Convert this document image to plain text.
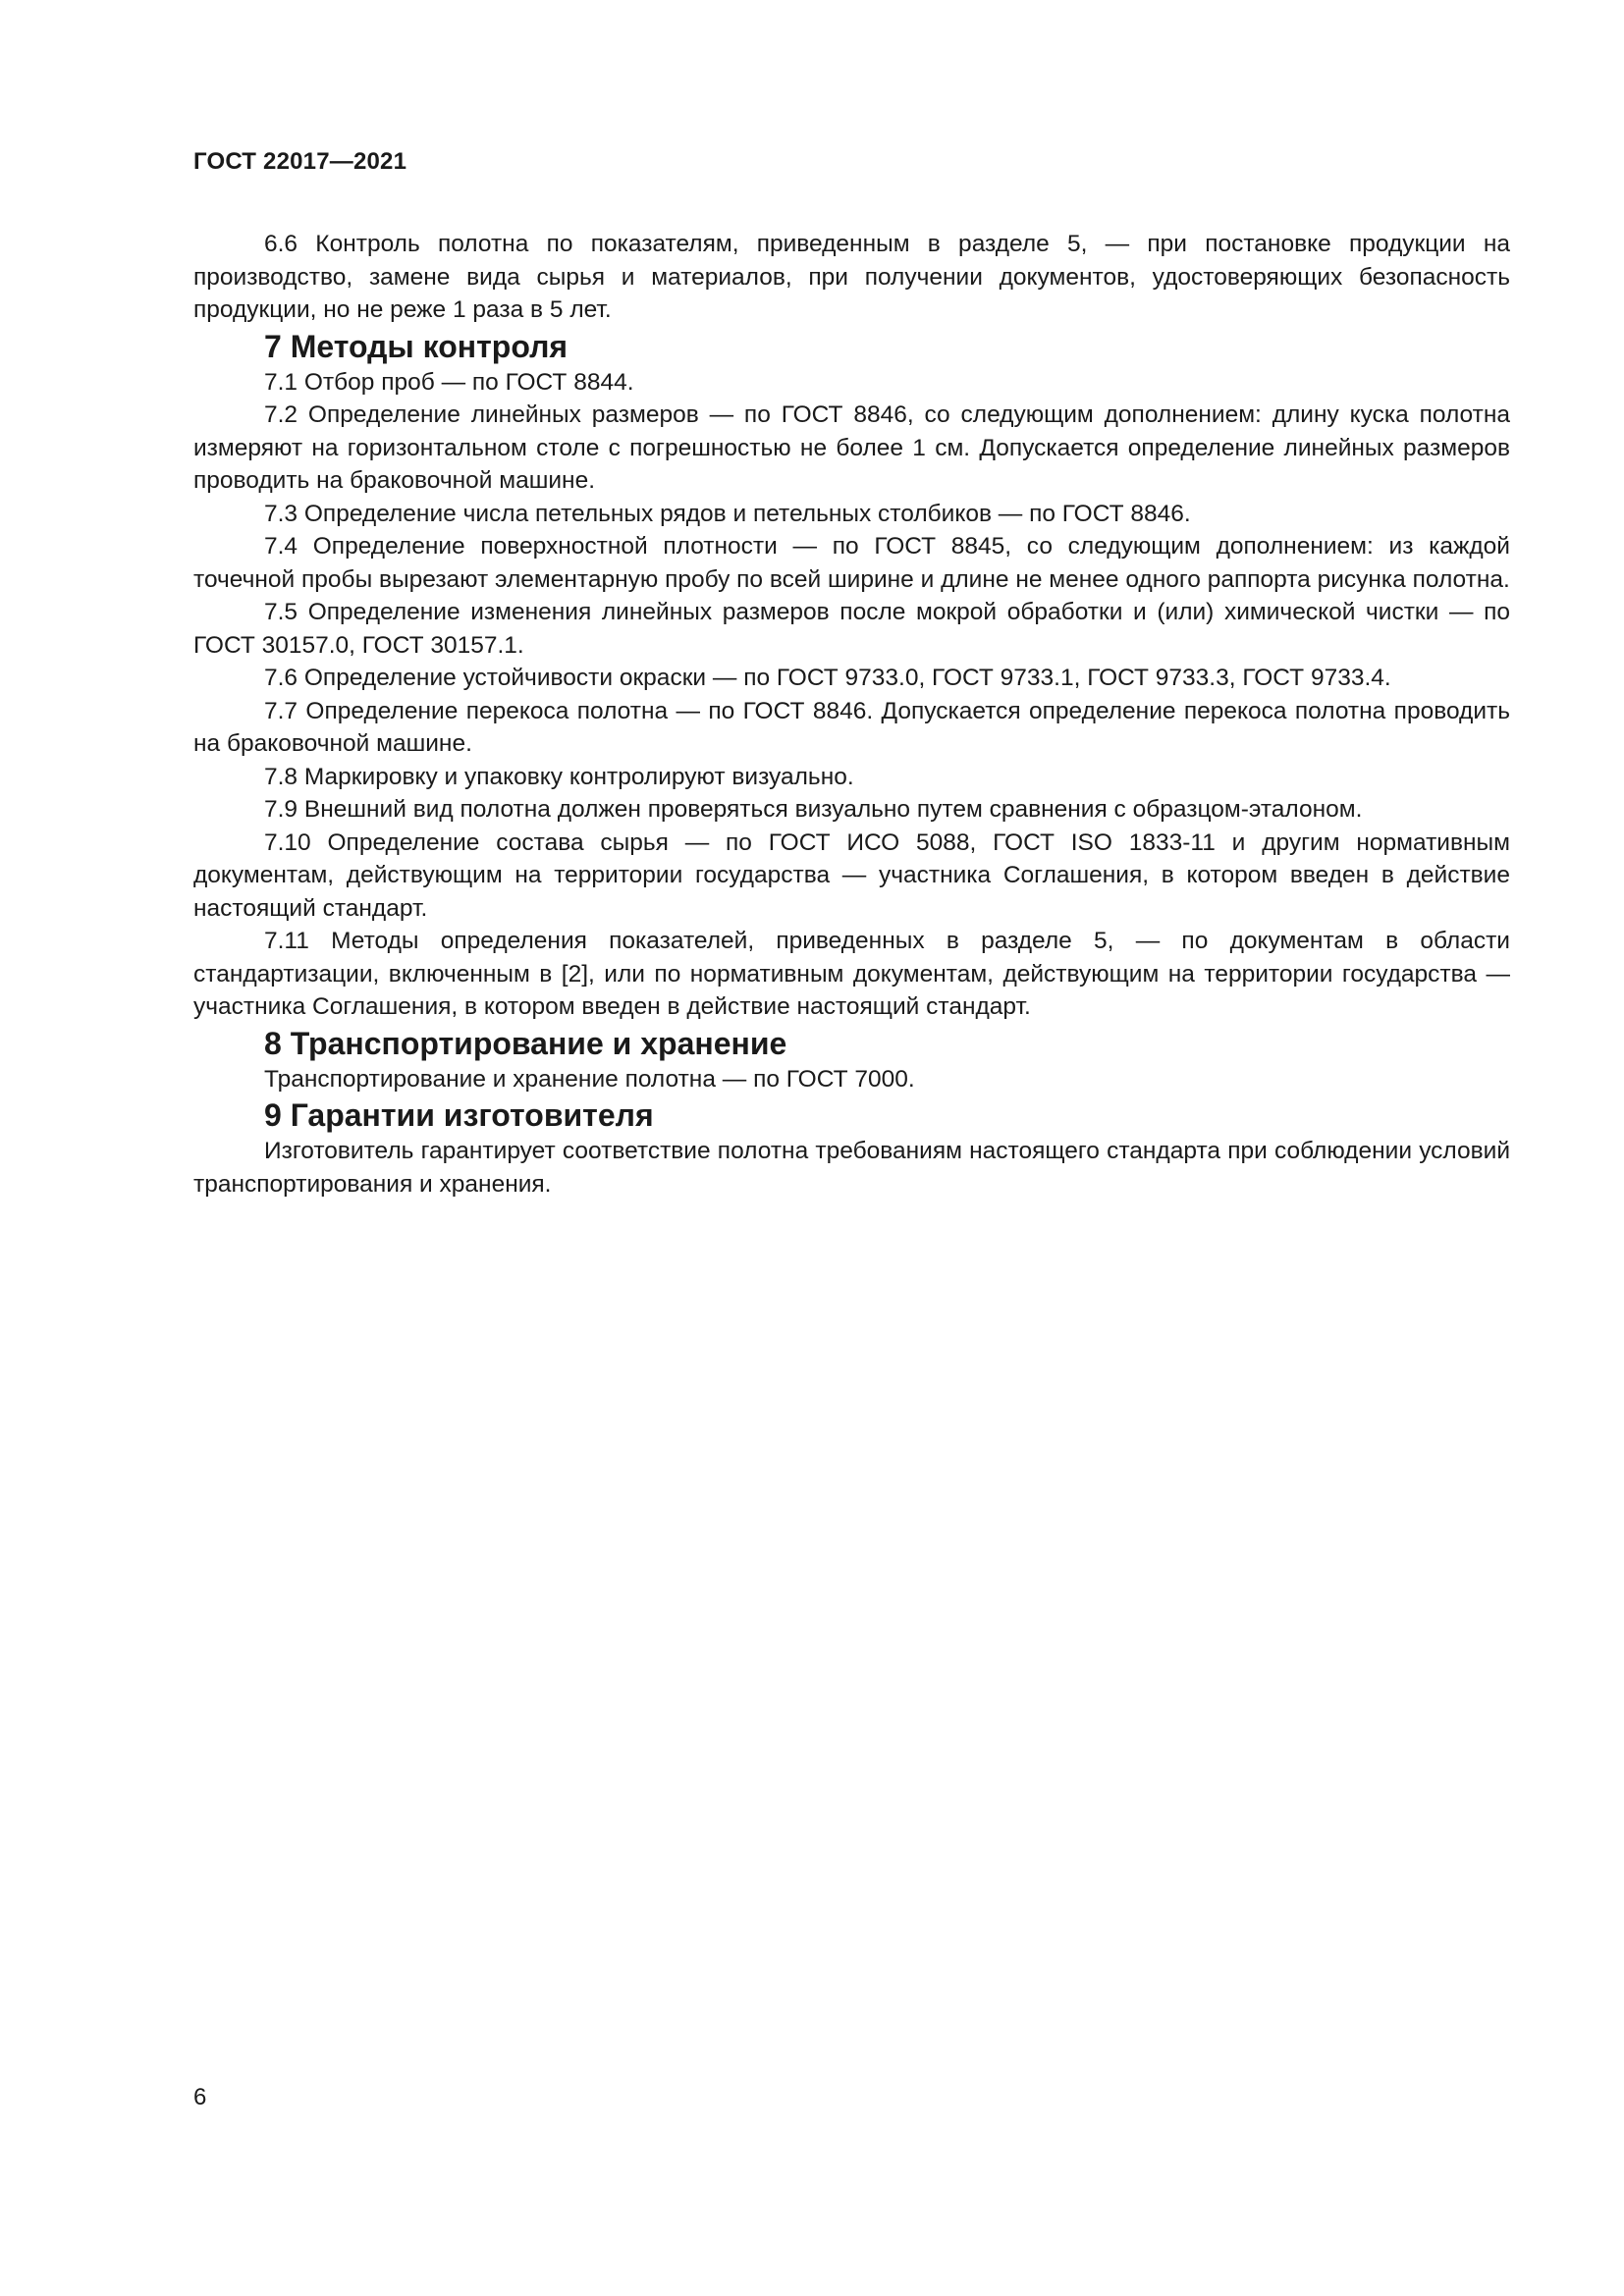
ГОСТ 22017—2021

6.6 Контроль полотна по показателям, приведенным в разделе 5, — при постановке продукции на производство, замене вида сырья и материалов, при получении документов, удостоверяющих безопасность продукции, но не реже 1 раза в 5 лет.

7 Методы контроля

7.1 Отбор проб — по ГОСТ 8844.

7.2 Определение линейных размеров — по ГОСТ 8846, со следующим дополнением: длину куска полотна измеряют на горизонтальном столе с погрешностью не более 1 см. Допускается определение линейных размеров проводить на браковочной машине.

7.3 Определение числа петельных рядов и петельных столбиков — по ГОСТ 8846.

7.4 Определение поверхностной плотности — по ГОСТ 8845, со следующим дополнением: из каждой точечной пробы вырезают элементарную пробу по всей ширине и длине не менее одного раппорта рисунка полотна.

7.5 Определение изменения линейных размеров после мокрой обработки и (или) химической чистки — по ГОСТ 30157.0, ГОСТ 30157.1.

7.6 Определение устойчивости окраски — по ГОСТ 9733.0, ГОСТ 9733.1, ГОСТ 9733.3, ГОСТ 9733.4.

7.7 Определение перекоса полотна — по ГОСТ 8846. Допускается определение перекоса полотна проводить на браковочной машине.

7.8 Маркировку и упаковку контролируют визуально.

7.9 Внешний вид полотна должен проверяться визуально путем сравнения с образцом-эталоном.

7.10 Определение состава сырья — по ГОСТ ИСО 5088, ГОСТ ISO 1833-11 и другим нормативным документам, действующим на территории государства — участника Соглашения, в котором введен в действие настоящий стандарт.

7.11 Методы определения показателей, приведенных в разделе 5, — по документам в области стандартизации, включенным в [2], или по нормативным документам, действующим на территории государства — участника Соглашения, в котором введен в действие настоящий стандарт.

8 Транспортирование и хранение

Транспортирование и хранение полотна — по ГОСТ 7000.

9 Гарантии изготовителя

Изготовитель гарантирует соответствие полотна требованиям настоящего стандарта при соблюдении условий транспортирования и хранения.

6
